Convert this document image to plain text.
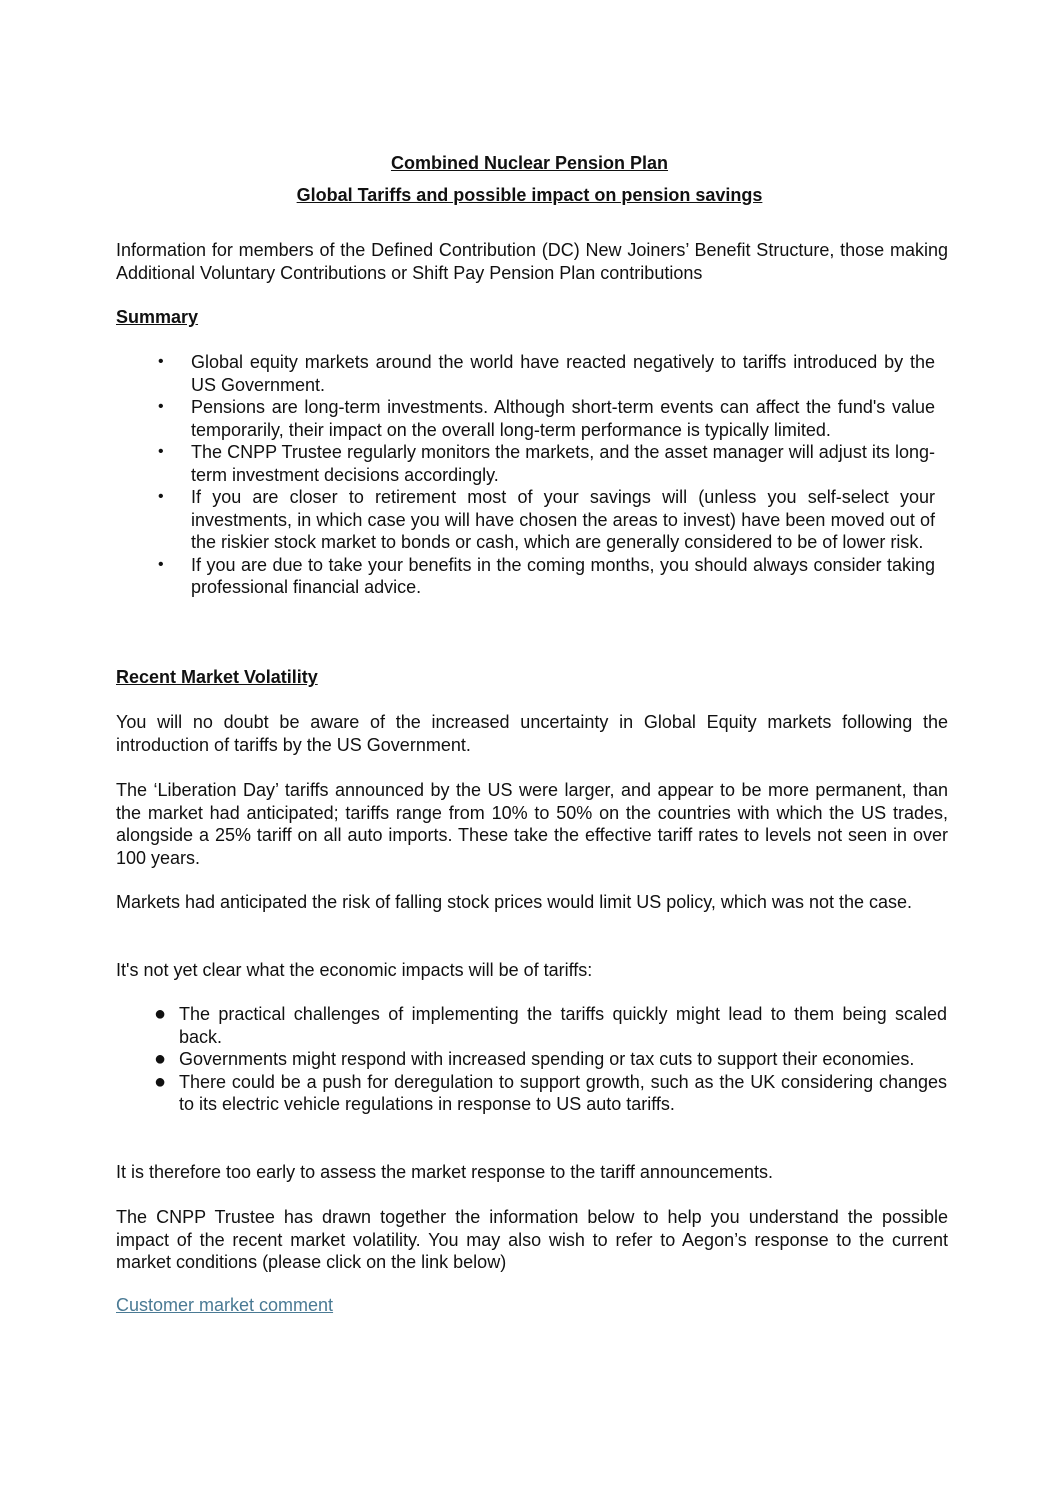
Combined Nuclear Pension Plan
Global Tariffs and possible impact on pension savings

Information for members of the Defined Contribution (DC) New Joiners’ Benefit Structure, those making Additional Voluntary Contributions or Shift Pay Pension Plan contributions

Summary

• Global equity markets around the world have reacted negatively to tariffs introduced by the US Government.
• Pensions are long-term investments. Although short-term events can affect the fund's value temporarily, their impact on the overall long-term performance is typically limited.
• The CNPP Trustee regularly monitors the markets, and the asset manager will adjust its long-term investment decisions accordingly.
• If you are closer to retirement most of your savings will (unless you self-select your investments, in which case you will have chosen the areas to invest) have been moved out of the riskier stock market to bonds or cash, which are generally considered to be of lower risk.
• If you are due to take your benefits in the coming months, you should always consider taking professional financial advice.

Recent Market Volatility

You will no doubt be aware of the increased uncertainty in Global Equity markets following the introduction of tariffs by the US Government.

The ‘Liberation Day’ tariffs announced by the US were larger, and appear to be more permanent, than the market had anticipated; tariffs range from 10% to 50% on the countries with which the US trades, alongside a 25% tariff on all auto imports. These take the effective tariff rates to levels not seen in over 100 years.

Markets had anticipated the risk of falling stock prices would limit US policy, which was not the case.

It's not yet clear what the economic impacts will be of tariffs:

● The practical challenges of implementing the tariffs quickly might lead to them being scaled back.
● Governments might respond with increased spending or tax cuts to support their economies.
● There could be a push for deregulation to support growth, such as the UK considering changes to its electric vehicle regulations in response to US auto tariffs.

It is therefore too early to assess the market response to the tariff announcements.

The CNPP Trustee has drawn together the information below to help you understand the possible impact of the recent market volatility. You may also wish to refer to Aegon’s response to the current market conditions (please click on the link below)

Customer market comment
